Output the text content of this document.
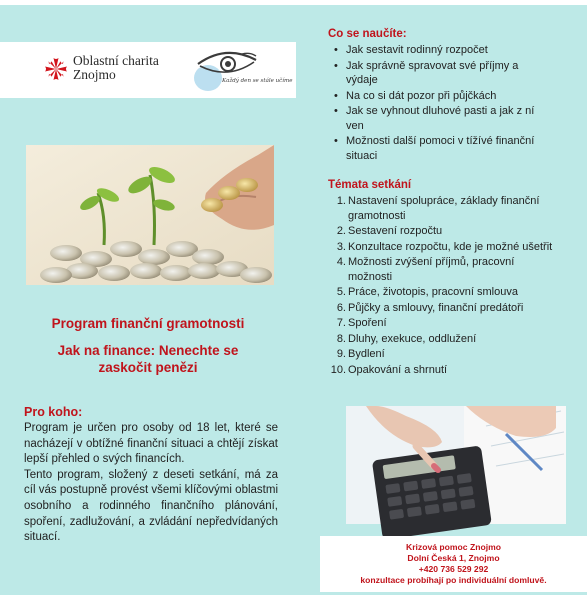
Oblastní charita
Znojmo	Každý den se stále učíme
Program finanční gramotnosti
Jak na finance: Nenechte se zaskočit penězi
Pro koho:

Program je určen pro osoby od 18 let, které se nacházejí v obtížné finanční situaci a chtějí získat lepší přehled o svých financích.

Tento program, složený z deseti setkání, má za cíl vás postupně provést všemi klíčovými oblastmi osobního a rodinného finančního plánování, spoření, zadlužování, a zvládání nepředvídaných situací.

Co se naučíte:
• Jak sestavit rodinný rozpočet
• Jak správně spravovat své příjmy a výdaje
• Na co si dát pozor při půjčkách
• Jak se vyhnout dluhové pasti a jak z ní ven
• Možnosti další pomoci v tížívé finanční situaci
Témata setkání
1. Nastavení spolupráce, základy finanční gramotnosti
2. Sestavení rozpočtu
3. Konzultace rozpočtu, kde je možné ušetřit
4. Možnosti zvýšení příjmů, pracovní možnosti
5. Práce, životopis, pracovní smlouva
6. Půjčky a smlouvy, finanční predátoři
7. Spoření
8. Dluhy, exekuce, oddlužení
9. Bydlení
10. Opakování a shrnutí
Krizová pomoc Znojmo
Dolní Česká 1, Znojmo
+420 736 529 292
konzultace probíhají po individuální domluvě.
